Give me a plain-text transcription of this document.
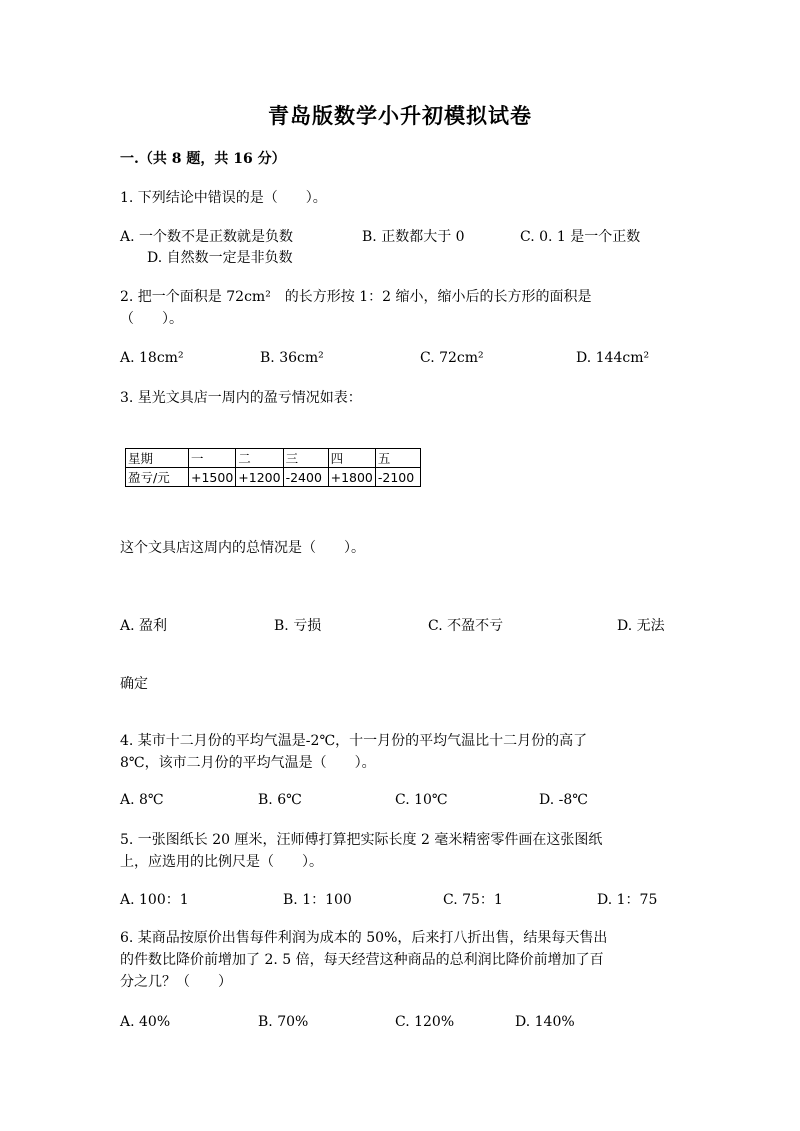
青岛版数学小升初模拟试卷
一.（共 8 题，共 16 分）
1. 下列结论中错误的是（　　）。
A. 一个数不是正数就是负数	B. 正数都大于 0	C. 0. 1 是一个正数
D. 自然数一定是非负数
2. 把一个面积是 72cm²　的长方形按 1：2 缩小，缩小后的长方形的面积是
（　　）。
A. 18cm²	B. 36cm²	C. 72cm²	D. 144cm²
3. 星光文具店一周内的盈亏情况如表：
星期	一	二	三	四	五
盈亏/元	+1500	+1200	-2400	+1800	-2100
这个文具店这周内的总情况是（　　）。
A. 盈利	B. 亏损	C. 不盈不亏	D. 无法
确定
4. 某市十二月份的平均气温是-2℃，十一月份的平均气温比十二月份的高了
8℃，该市二月份的平均气温是（　　）。
A. 8℃	B. 6℃	C. 10℃	D. -8℃
5. 一张图纸长 20 厘米，汪师傅打算把实际长度 2 毫米精密零件画在这张图纸
上，应选用的比例尺是（　　）。
A. 100：1	B. 1：100	C. 75：1	D. 1：75
6. 某商品按原价出售每件利润为成本的 50%，后来打八折出售，结果每天售出
的件数比降价前增加了 2. 5 倍，每天经营这种商品的总利润比降价前增加了百
分之几？（　　）
A. 40%	B. 70%	C. 120%	D. 140%
